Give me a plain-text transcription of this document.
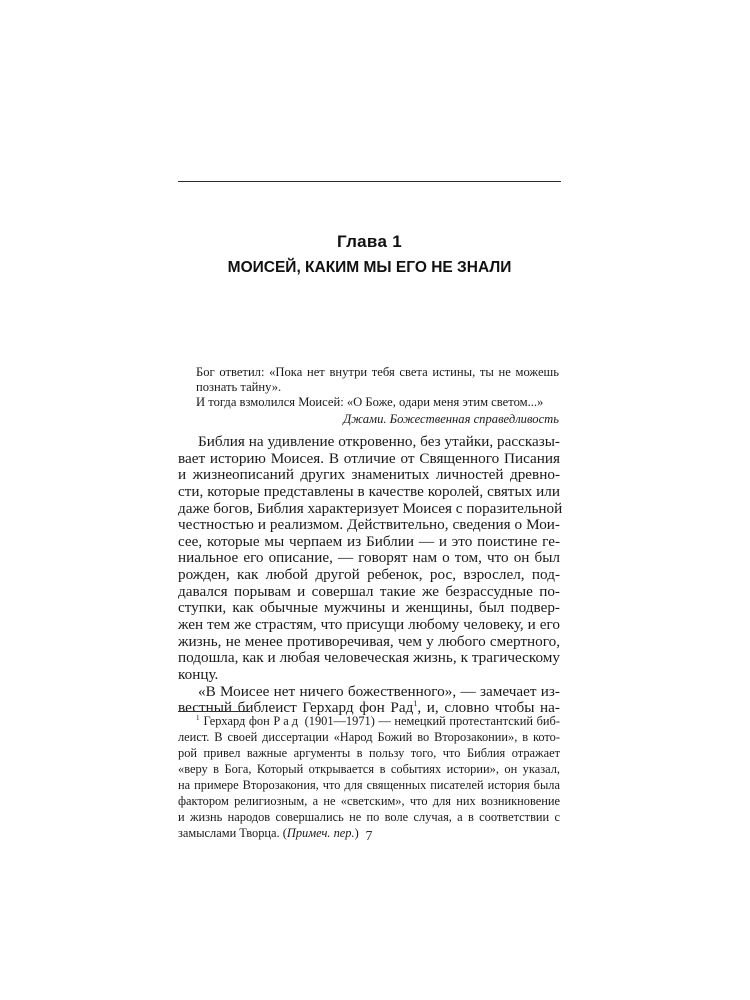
Глава 1
МОИСЕЙ, КАКИМ МЫ ЕГО НЕ ЗНАЛИ

Бог ответил: «Пока нет внутри тебя света истины, ты не можешь познать тайну».

И тогда взмолился Моисей: «О Боже, одари меня этим светом...»

Джами. Божественная справедливость

Библия на удивление откровенно, без утайки, рассказы-
вает историю Моисея. В отличие от Священного Писания
и жизнеописаний других знаменитых личностей древно-
сти, которые представлены в качестве королей, святых или
даже богов, Библия характеризует Моисея с поразительной
честностью и реализмом. Действительно, сведения о Мои-
сее, которые мы черпаем из Библии — и это поистине ге-
ниальное его описание, — говорят нам о том, что он был
рожден, как любой другой ребенок, рос, взрослел, под-
давался порывам и совершал такие же безрассудные по-
ступки, как обычные мужчины и женщины, был подвер-
жен тем же страстям, что присущи любому человеку, и его
жизнь, не менее противоречивая, чем у любого смертного,
подошла, как и любая человеческая жизнь, к трагическому
концу.
«В Моисее нет ничего божественного», — замечает из-
вестный библеист Герхард фон Рад$^1$, и, словно чтобы на-
$^1$ Герхард фон Рад (1901—1971) — немецкий протестантский биб-
лeист. В своей диссертации «Народ Божий во Второзаконии», в кото-
рой привел важные аргументы в пользу того, что Библия отражает
«веру в Бога, Который открывается в событиях истории», он указал,
на примере Второзакония, что для священных писателей история была
фактором религиозным, а не «светским», что для них возникновение
и жизнь народов совершались не по воле случая, а в соответствии с
замыслами Творца. (Примеч. пер.) 7
